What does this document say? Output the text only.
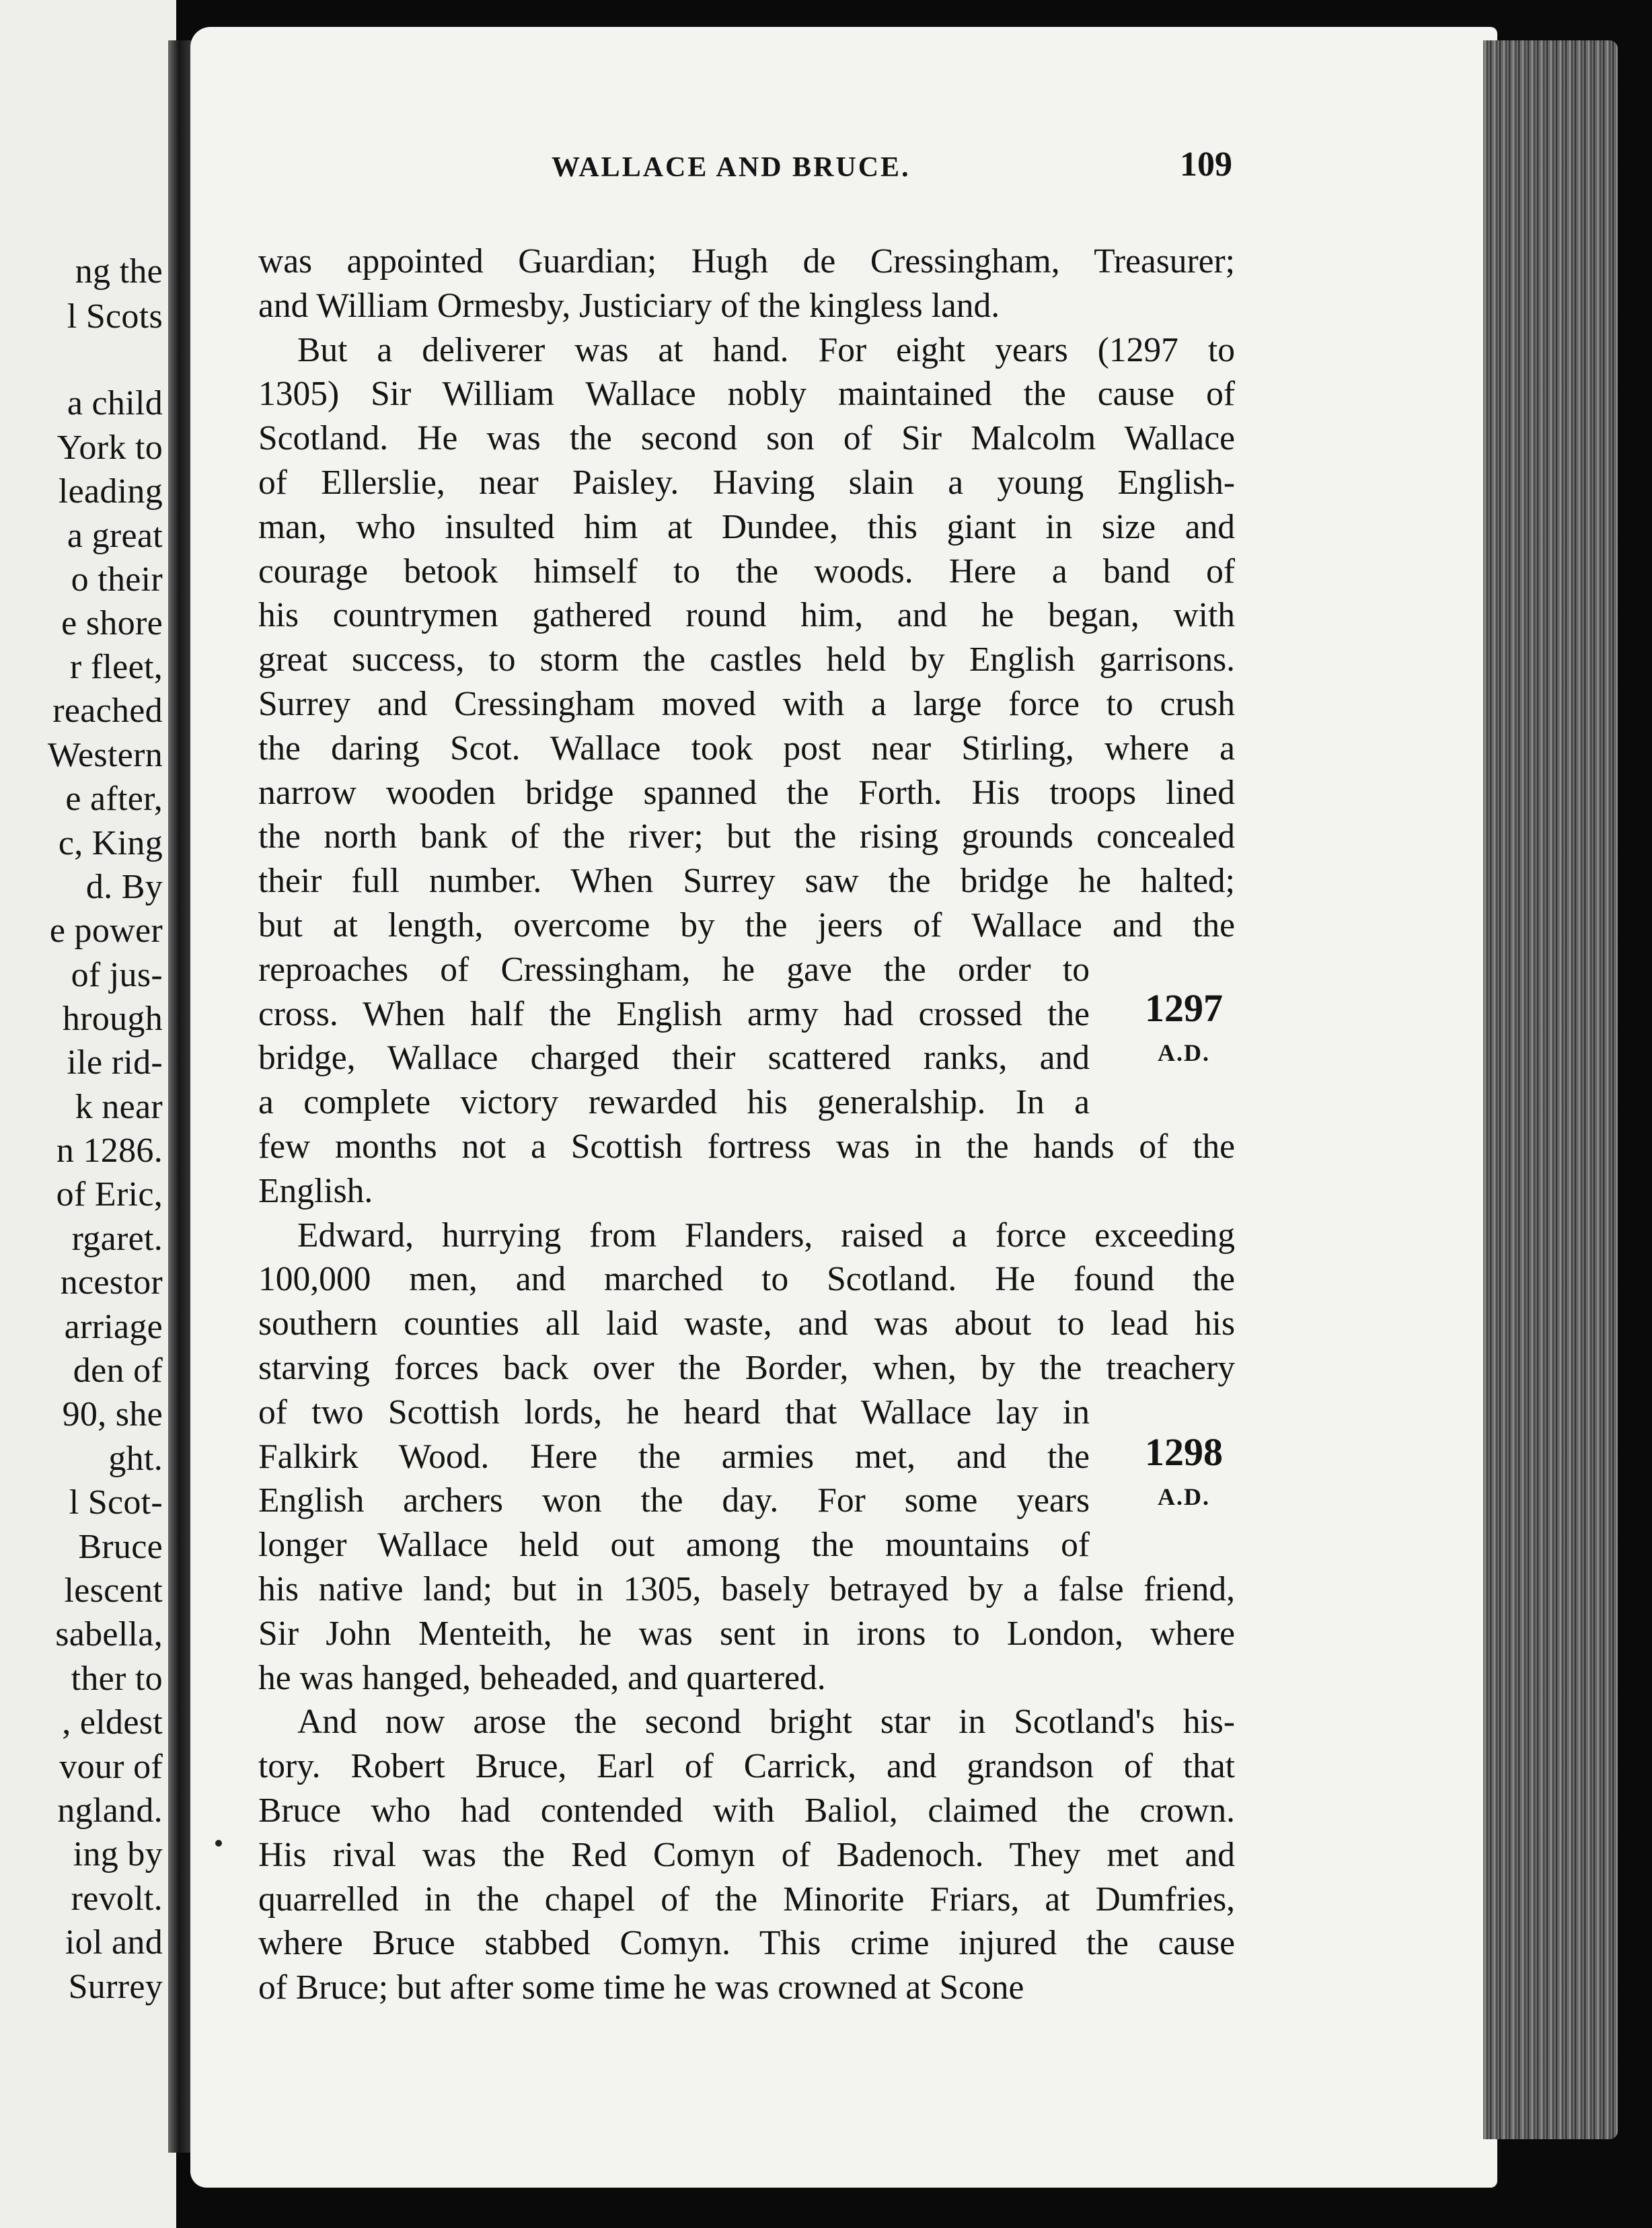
ng the
l Scots
a child
York to
leading
a great
o their
e shore
r fleet,
reached
Western
e after,
c, King
d. By
e power
of jus-
hrough
ile rid-
k near
n 1286.
of Eric,
rgaret.
ncestor
arriage
den of
90, she
ght.
l Scot-
Bruce
lescent
sabella,
ther to
, eldest
vour of
ngland.
ing by
revolt.
iol and
Surrey
WALLACE AND BRUCE.	109
1297
A.D.
1298
A.D.
was appointed Guardian; Hugh de Cressingham, Treasurer;
and William Ormesby, Justiciary of the kingless land.
But a deliverer was at hand. For eight years (1297 to
1305) Sir William Wallace nobly maintained the cause of
Scotland. He was the second son of Sir Malcolm Wallace
of Ellerslie, near Paisley. Having slain a young English-
man, who insulted him at Dundee, this giant in size and
courage betook himself to the woods. Here a band of
his countrymen gathered round him, and he began, with
great success, to storm the castles held by English garrisons.
Surrey and Cressingham moved with a large force to crush
the daring Scot. Wallace took post near Stirling, where a
narrow wooden bridge spanned the Forth. His troops lined
the north bank of the river; but the rising grounds concealed
their full number. When Surrey saw the bridge he halted;
but at length, overcome by the jeers of Wallace and the
reproaches of Cressingham, he gave the order to
cross. When half the English army had crossed the
bridge, Wallace charged their scattered ranks, and
a complete victory rewarded his generalship. In a
few months not a Scottish fortress was in the hands of the
English.
Edward, hurrying from Flanders, raised a force exceeding
100,000 men, and marched to Scotland. He found the
southern counties all laid waste, and was about to lead his
starving forces back over the Border, when, by the treachery
of two Scottish lords, he heard that Wallace lay in
Falkirk Wood. Here the armies met, and the
English archers won the day. For some years
longer Wallace held out among the mountains of
his native land; but in 1305, basely betrayed by a false friend,
Sir John Menteith, he was sent in irons to London, where
he was hanged, beheaded, and quartered.
And now arose the second bright star in Scotland's his-
tory. Robert Bruce, Earl of Carrick, and grandson of that
Bruce who had contended with Baliol, claimed the crown.
His rival was the Red Comyn of Badenoch. They met and
quarrelled in the chapel of the Minorite Friars, at Dumfries,
where Bruce stabbed Comyn. This crime injured the cause
of Bruce; but after some time he was crowned at Scone
